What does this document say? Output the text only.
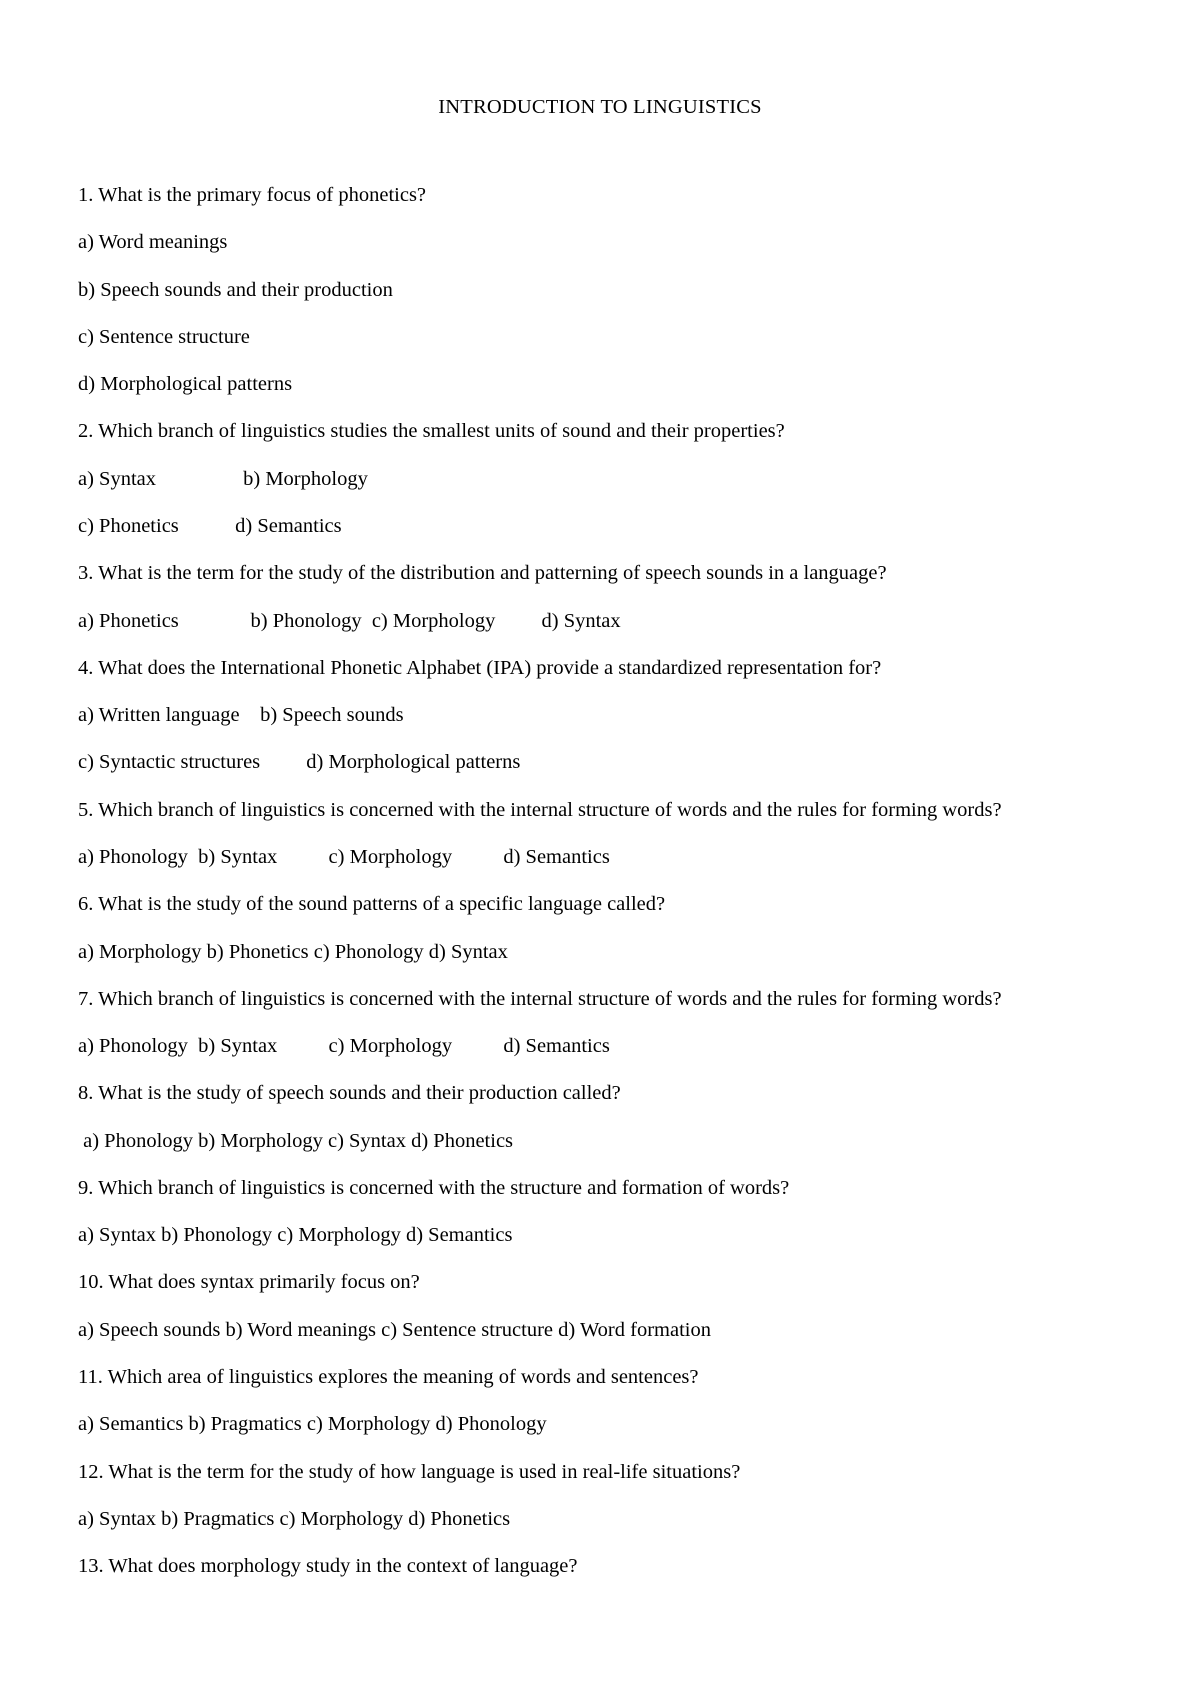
INTRODUCTION TO LINGUISTICS

1. What is the primary focus of phonetics?

a) Word meanings

b) Speech sounds and their production

c) Sentence structure

d) Morphological patterns

2. Which branch of linguistics studies the smallest units of sound and their properties?

a) Syntax                 b) Morphology

c) Phonetics           d) Semantics

3. What is the term for the study of the distribution and patterning of speech sounds in a language?

a) Phonetics              b) Phonology  c) Morphology         d) Syntax

4. What does the International Phonetic Alphabet (IPA) provide a standardized representation for?

a) Written language    b) Speech sounds

c) Syntactic structures         d) Morphological patterns

5. Which branch of linguistics is concerned with the internal structure of words and the rules for forming words?

a) Phonology  b) Syntax          c) Morphology          d) Semantics

6. What is the study of the sound patterns of a specific language called?

a) Morphology b) Phonetics c) Phonology d) Syntax

7. Which branch of linguistics is concerned with the internal structure of words and the rules for forming words?

a) Phonology  b) Syntax          c) Morphology          d) Semantics

8. What is the study of speech sounds and their production called?

a) Phonology b) Morphology c) Syntax d) Phonetics

9. Which branch of linguistics is concerned with the structure and formation of words?

a) Syntax b) Phonology c) Morphology d) Semantics

10. What does syntax primarily focus on?

a) Speech sounds b) Word meanings c) Sentence structure d) Word formation

11. Which area of linguistics explores the meaning of words and sentences?

a) Semantics b) Pragmatics c) Morphology d) Phonology

12. What is the term for the study of how language is used in real-life situations?

a) Syntax b) Pragmatics c) Morphology d) Phonetics

13. What does morphology study in the context of language?
